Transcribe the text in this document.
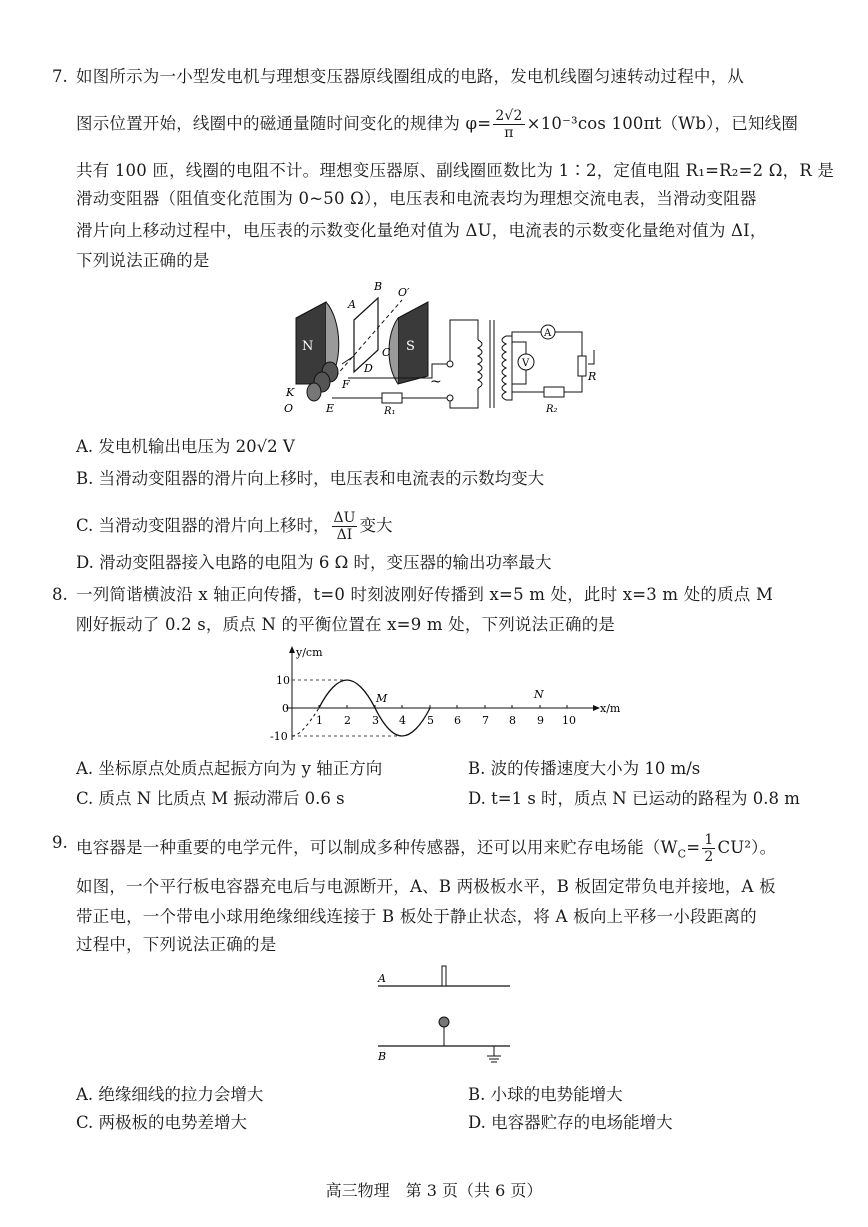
7. 如图所示为一小型发电机与理想变压器原线圈组成的电路，发电机线圈匀速转动过程中，从
图示位置开始，线圈中的磁通量随时间变化的规律为 $\varphi= \frac{2√2}{\pi} \times 10^{-3}\cos$ 100πt（Wb），已知线圈
共有 100 匝，线圈的电阻不计。理想变压器原、副线圈匝数比为 1∶2，定值电阻 R₁=R₂=2 Ω，R 是
滑动变阻器（阻值变化范围为 0~50 Ω），电压表和电流表均为理想交流电表，当滑动变阻器
滑片向上移动过程中，电压表的示数变化量绝对值为 ΔU，电流表的示数变化量绝对值为 ΔI，
下列说法正确的是
N	S
A
B
C
D
F
E
K
O
O′
R₁
~
A
V
R
R₂
A. 发电机输出电压为 20√2 V
B. 当滑动变阻器的滑片向上移时，电压表和电流表的示数均变大
C. 当滑动变阻器的滑片向上移时， $\frac{\Delta U}{\Delta I}$ 变大
D. 滑动变阻器接入电路的电阻为 6 Ω 时，变压器的输出功率最大
8. 一列简谐横波沿 x 轴正向传播，t=0 时刻波刚好传播到 x=5 m 处，此时 x=3 m 处的质点 M
刚好振动了 0.2 s，质点 N 的平衡位置在 x=9 m 处，下列说法正确的是
y/cm
x/m
10
0
-10
1 2 3 4 5 6 7 8 9 10
M	N
A. 坐标原点处质点起振方向为 y 轴正方向	B. 波的传播速度大小为 10 m/s
C. 质点 N 比质点 M 振动滞后 0.6 s	D. t=1 s 时，质点 N 已运动的路程为 0.8 m
9. 电容器是一种重要的电学元件，可以制成多种传感器，还可以用来贮存电场能$(W_C= \frac{1}{2} CU^2)$。
如图，一个平行板电容器充电后与电源断开，A、B 两极板水平，B 板固定带负电并接地，A 板
带正电，一个带电小球用绝缘细线连接于 B 板处于静止状态，将 A 板向上平移一小段距离的
过程中，下列说法正确的是
A
B
A. 绝缘细线的拉力会增大	B. 小球的电势能增大
C. 两极板的电势差增大	D. 电容器贮存的电场能增大
高三物理　第 3 页（共 6 页）
